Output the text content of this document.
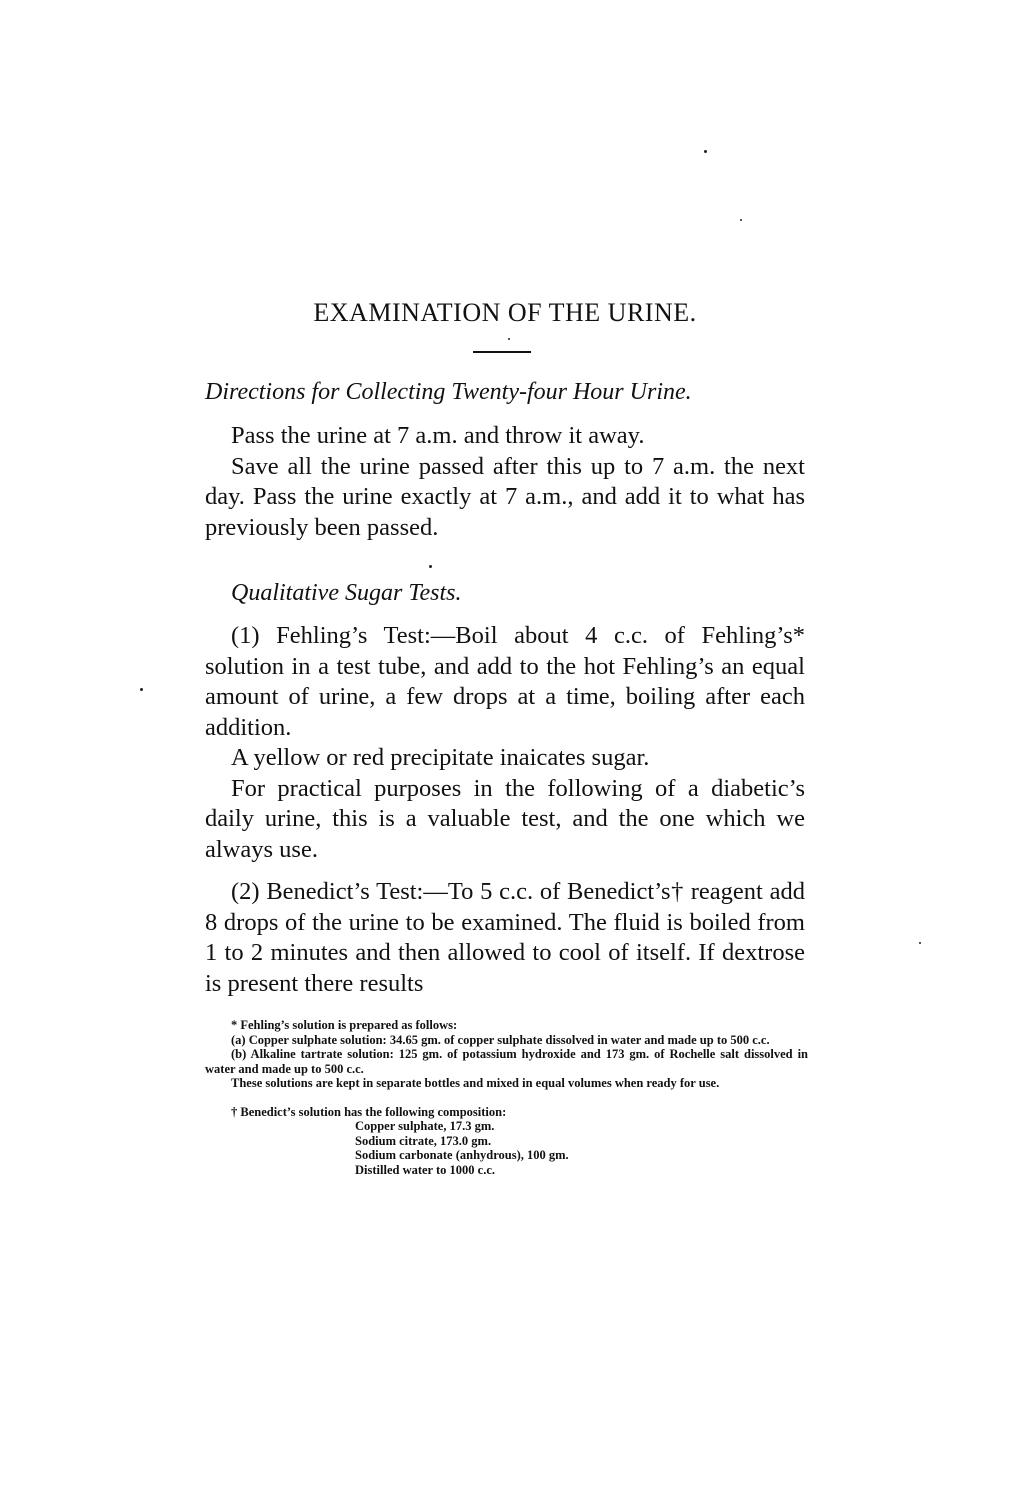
EXAMINATION OF THE URINE.
Directions for Collecting Twenty-four Hour Urine.

Pass the urine at 7 a.m. and throw it away.

Save all the urine passed after this up to 7 a.m. the next day. Pass the urine exactly at 7 a.m., and add it to what has previously been passed.

Qualitative Sugar Tests.

(1) Fehling’s Test:—Boil about 4 c.c. of Fehling’s* solution in a test tube, and add to the hot Fehling’s an equal amount of urine, a few drops at a time, boiling after each addition.

A yellow or red precipitate inaicates sugar.

For practical purposes in the following of a diabetic’s daily urine, this is a valuable test, and the one which we always use.

(2) Benedict’s Test:—To 5 c.c. of Benedict’s† reagent add 8 drops of the urine to be examined. The fluid is boiled from 1 to 2 minutes and then allowed to cool of itself. If dextrose is present there results

* Fehling’s solution is prepared as follows:

(a) Copper sulphate solution: 34.65 gm. of copper sulphate dissolved in water and made up to 500 c.c.

(b) Alkaline tartrate solution: 125 gm. of potassium hydroxide and 173 gm. of Rochelle salt dissolved in water and made up to 500 c.c.

These solutions are kept in separate bottles and mixed in equal volumes when ready for use.

† Benedict’s solution has the following composition:

Copper sulphate, 17.3 gm.

Sodium citrate, 173.0 gm.

Sodium carbonate (anhydrous), 100 gm.

Distilled water to 1000 c.c.
